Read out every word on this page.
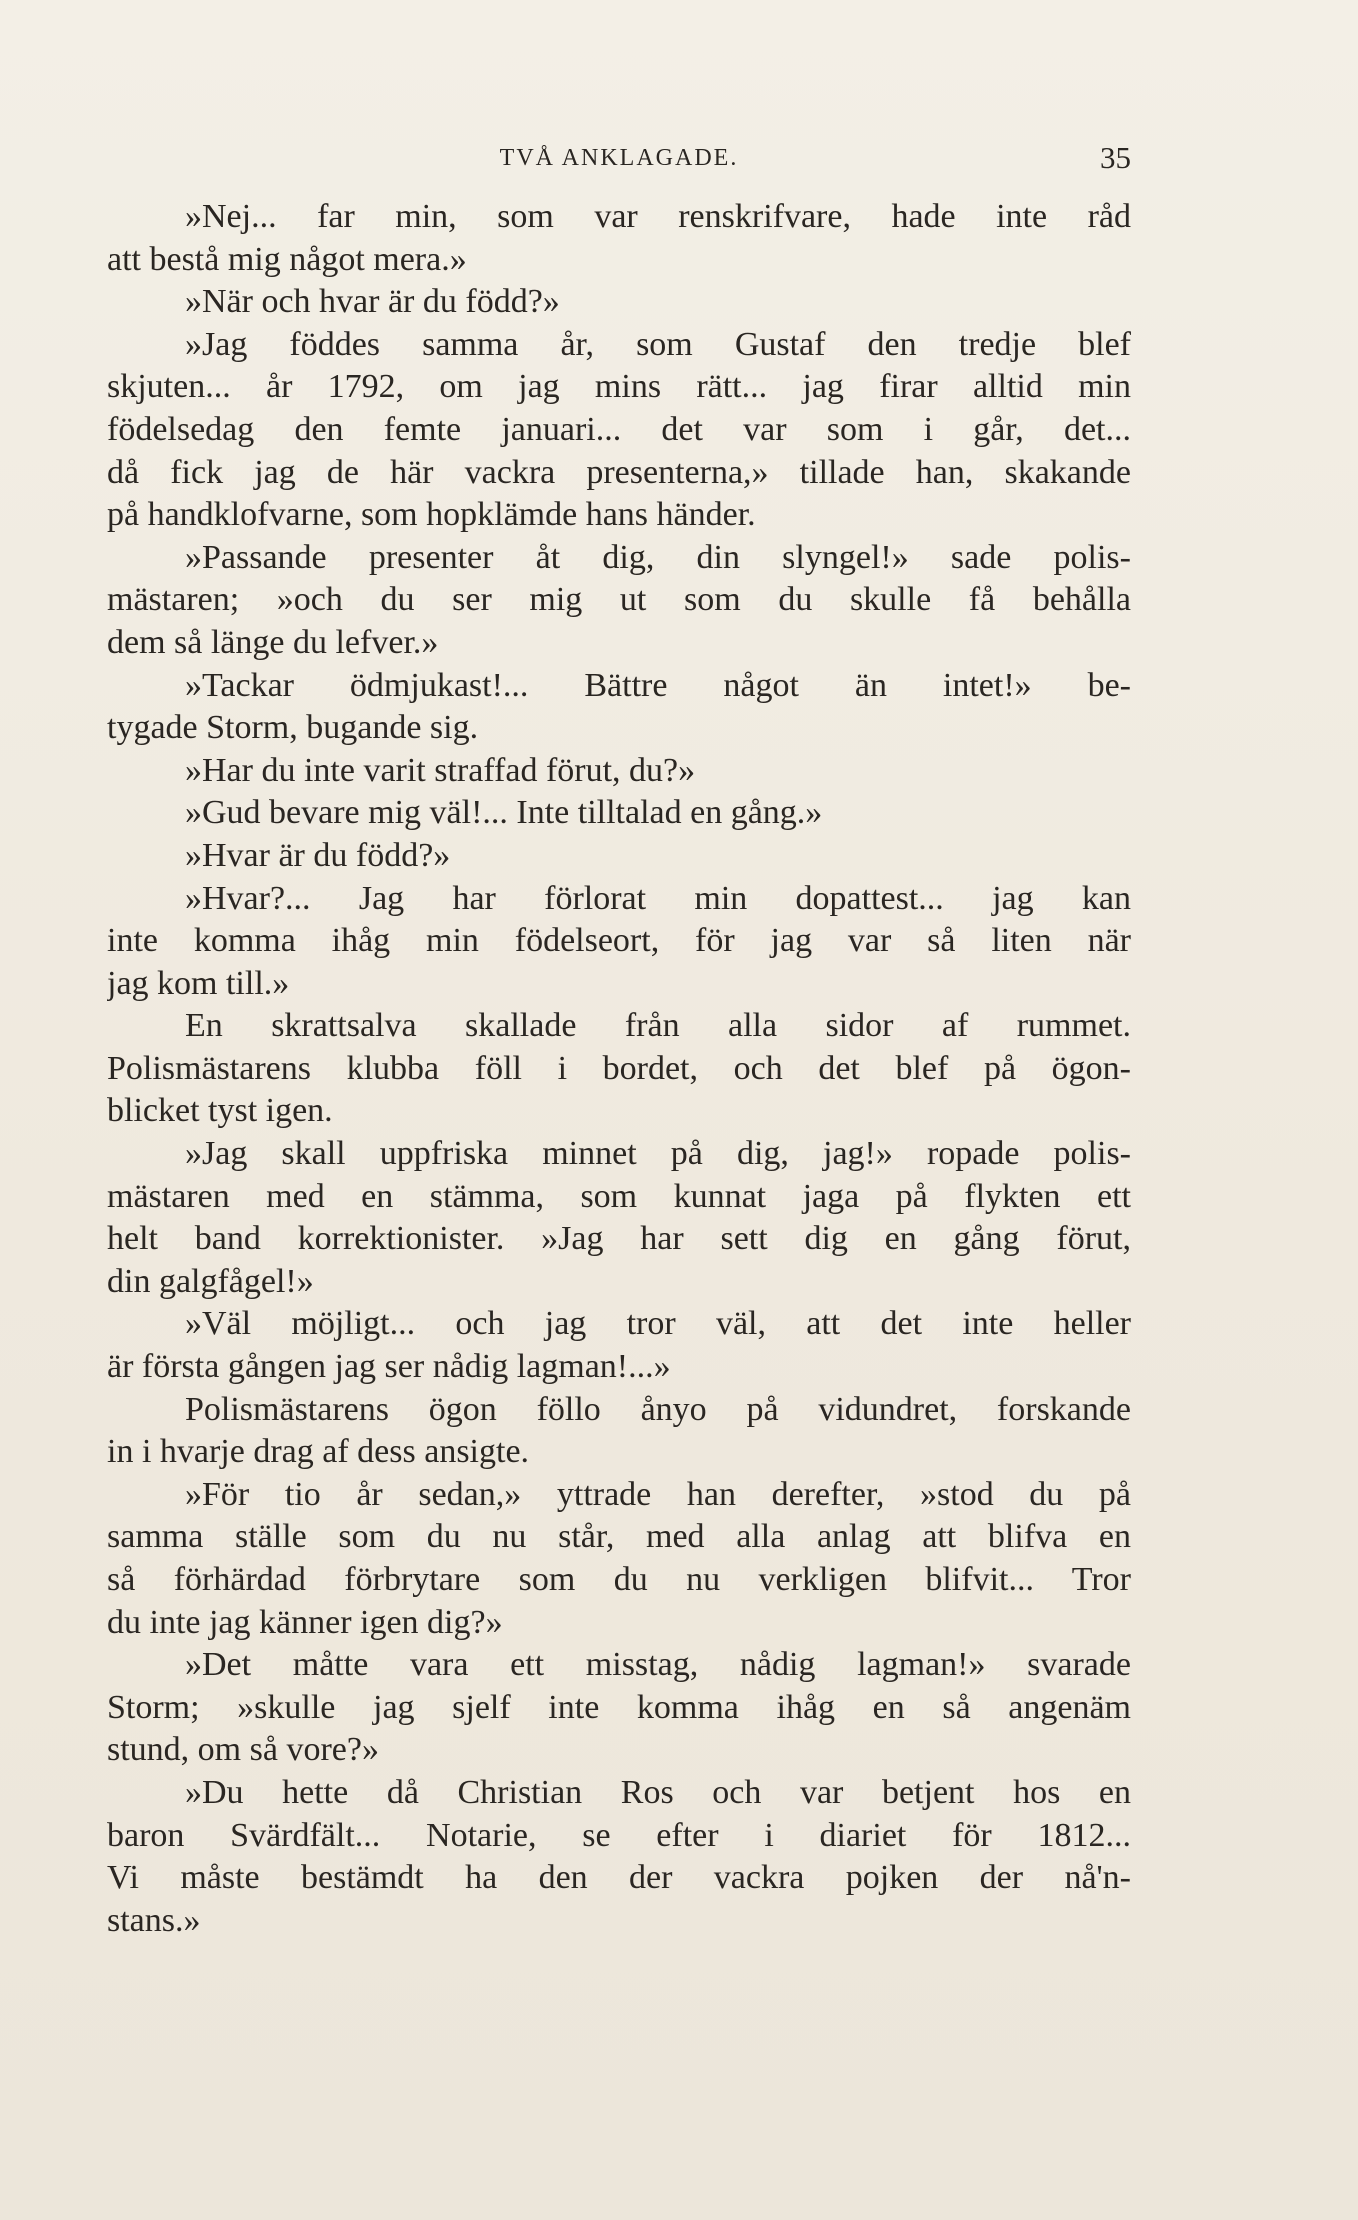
TVÅ ANKLAGADE.	35
»Nej... far min, som var renskrifvare, hade inte råd
att bestå mig något mera.»
»När och hvar är du född?»
»Jag föddes samma år, som Gustaf den tredje blef
skjuten... år 1792, om jag mins rätt... jag firar alltid min
födelsedag den femte januari... det var som i går, det...
då fick jag de här vackra presenterna,» tillade han, skakande
på handklofvarne, som hopklämde hans händer.
»Passande presenter åt dig, din slyngel!» sade polis-
mästaren; »och du ser mig ut som du skulle få behålla
dem så länge du lefver.»
»Tackar ödmjukast!... Bättre något än intet!» be-
tygade Storm, bugande sig.
»Har du inte varit straffad förut, du?»
»Gud bevare mig väl!... Inte tilltalad en gång.»
»Hvar är du född?»
»Hvar?... Jag har förlorat min dopattest... jag kan
inte komma ihåg min födelseort, för jag var så liten när
jag kom till.»
En skrattsalva skallade från alla sidor af rummet.
Polismästarens klubba föll i bordet, och det blef på ögon-
blicket tyst igen.
»Jag skall uppfriska minnet på dig, jag!» ropade polis-
mästaren med en stämma, som kunnat jaga på flykten ett
helt band korrektionister. »Jag har sett dig en gång förut,
din galgfågel!»
»Väl möjligt... och jag tror väl, att det inte heller
är första gången jag ser nådig lagman!...»
Polismästarens ögon föllo ånyo på vidundret, forskande
in i hvarje drag af dess ansigte.
»För tio år sedan,» yttrade han derefter, »stod du på
samma ställe som du nu står, med alla anlag att blifva en
så förhärdad förbrytare som du nu verkligen blifvit... Tror
du inte jag känner igen dig?»
»Det måtte vara ett misstag, nådig lagman!» svarade
Storm; »skulle jag sjelf inte komma ihåg en så angenäm
stund, om så vore?»
»Du hette då Christian Ros och var betjent hos en
baron Svärdfält... Notarie, se efter i diariet för 1812...
Vi måste bestämdt ha den der vackra pojken der nå'n-
stans.»
